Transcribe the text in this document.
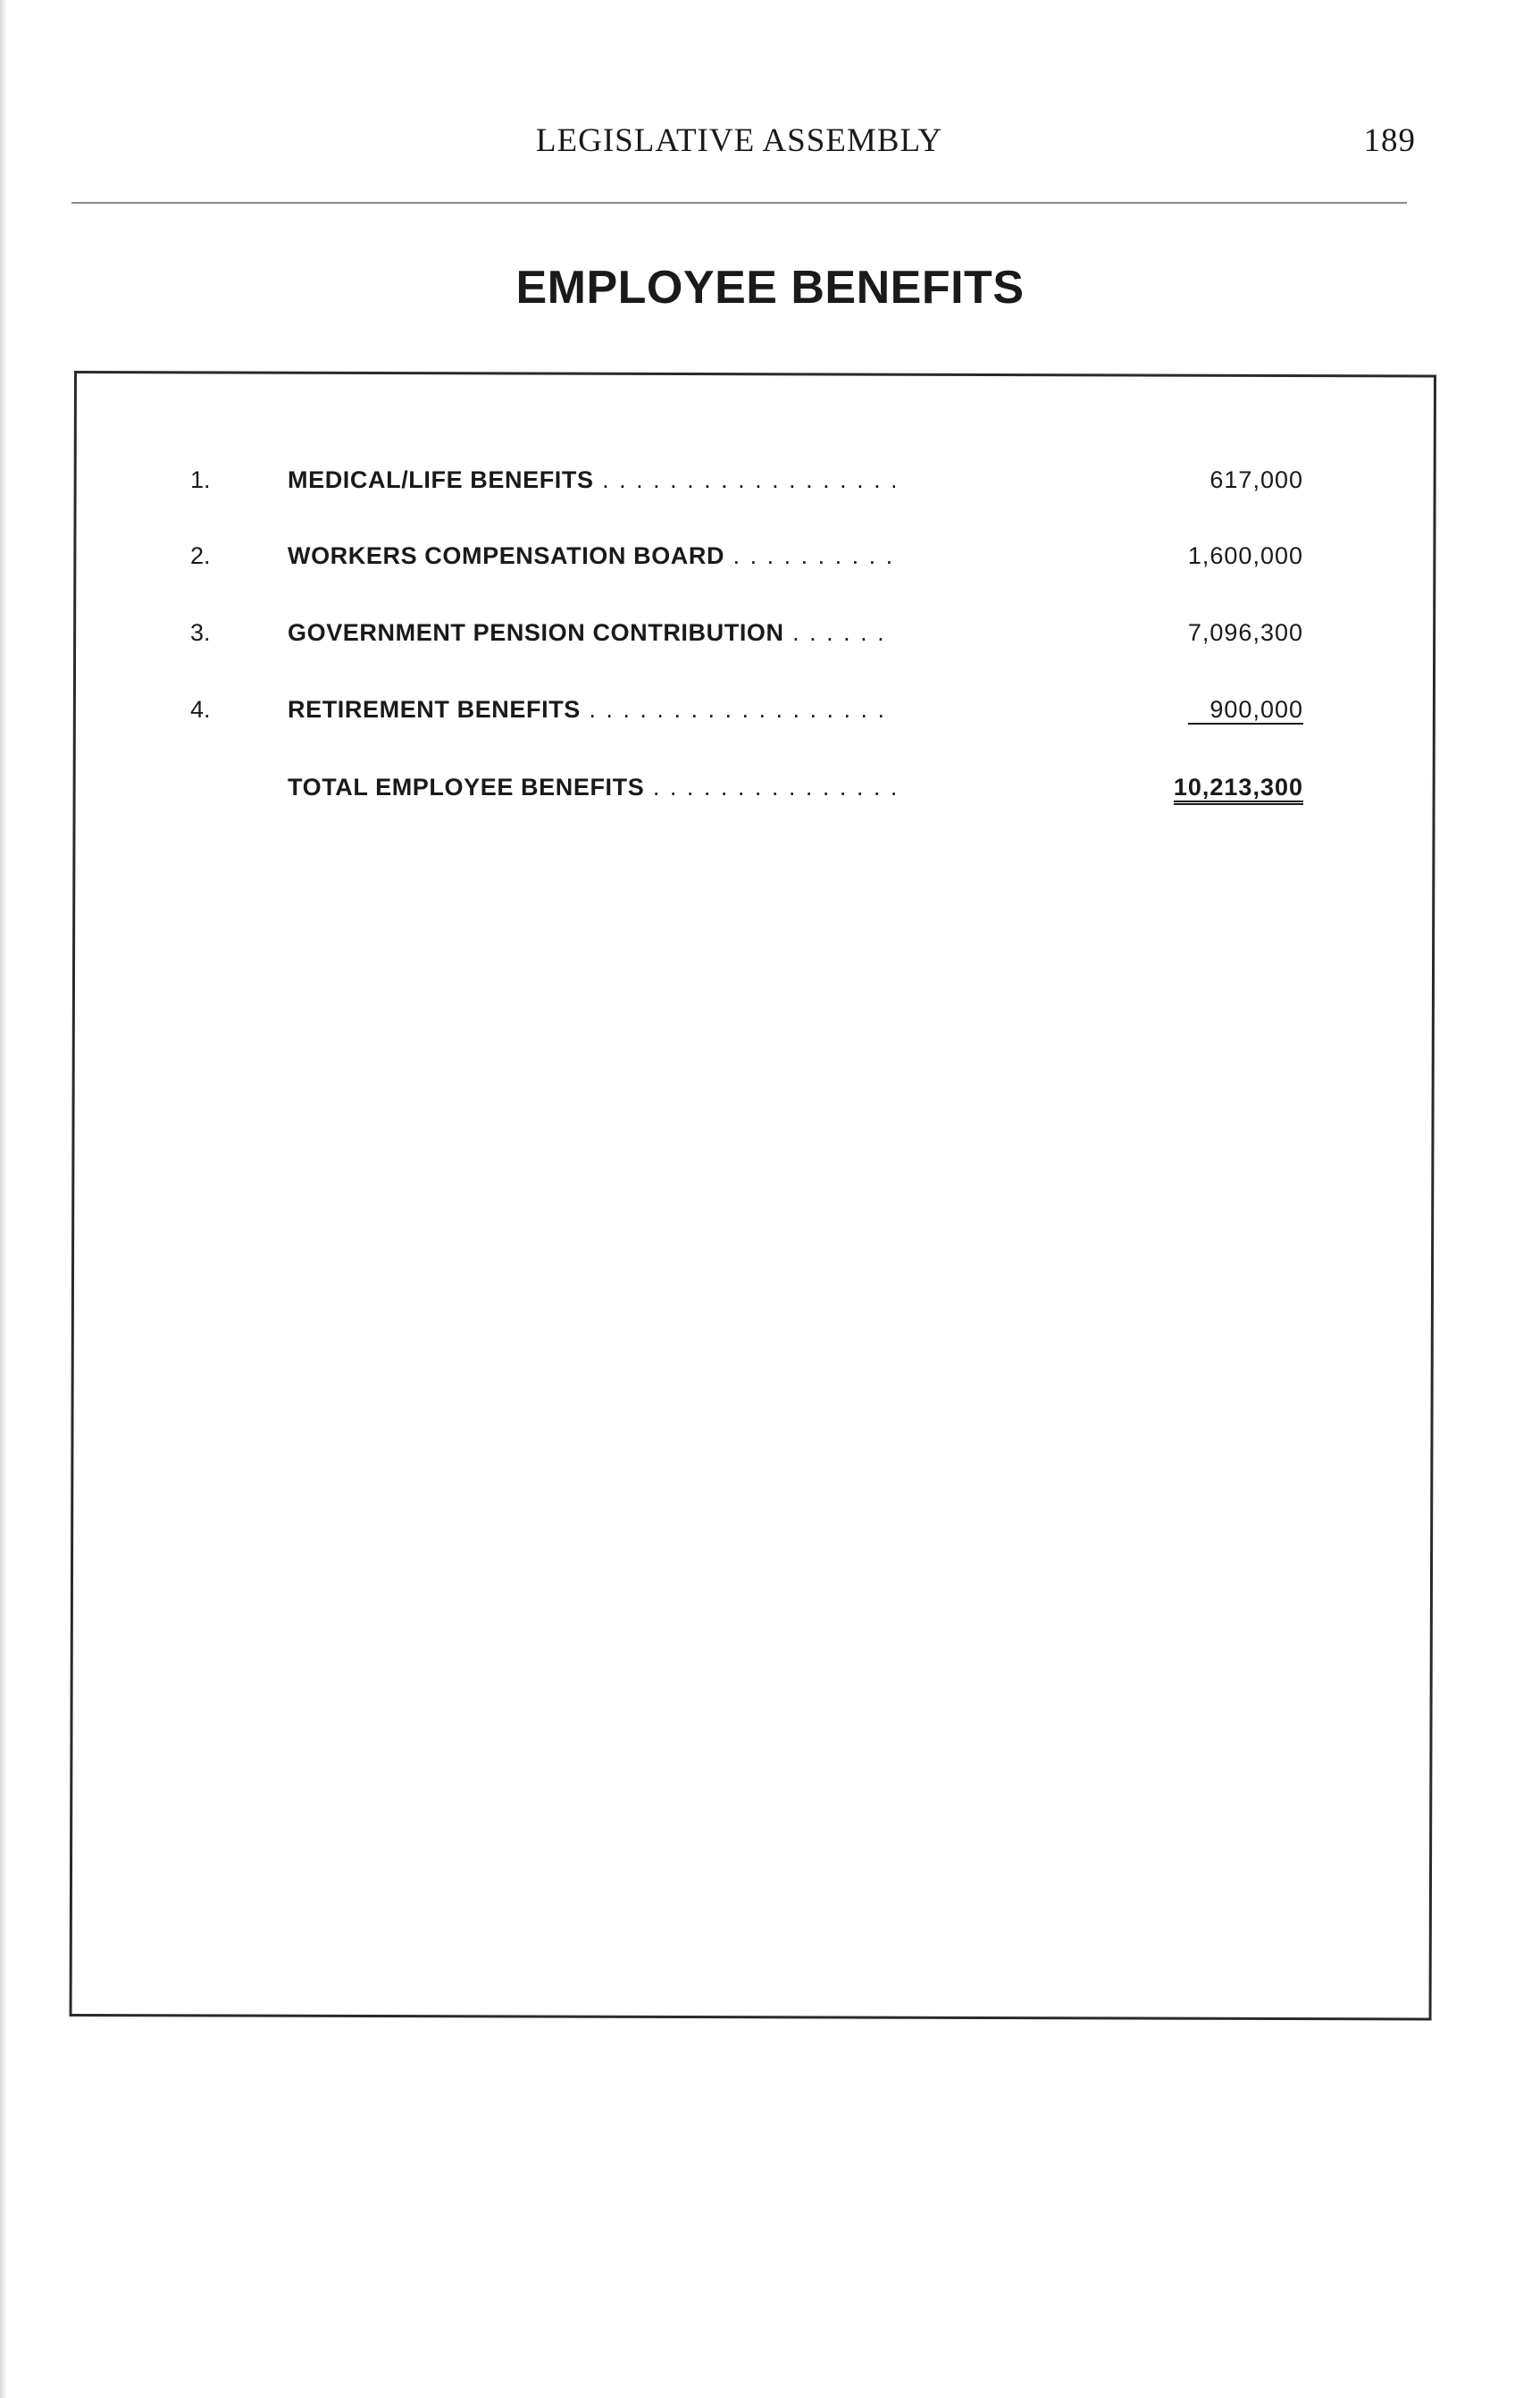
LEGISLATIVE ASSEMBLY	189
EMPLOYEE BENEFITS
1.	MEDICAL/LIFE BENEFITS . . .	617,000
2.	WORKERS COMPENSATION BOARD . . .	1,600,000
3.	GOVERNMENT PENSION CONTRIBUTION . . .	7,096,300
4.	RETIREMENT BENEFITS . . .	900,000
TOTAL EMPLOYEE BENEFITS . . .	10,213,300
